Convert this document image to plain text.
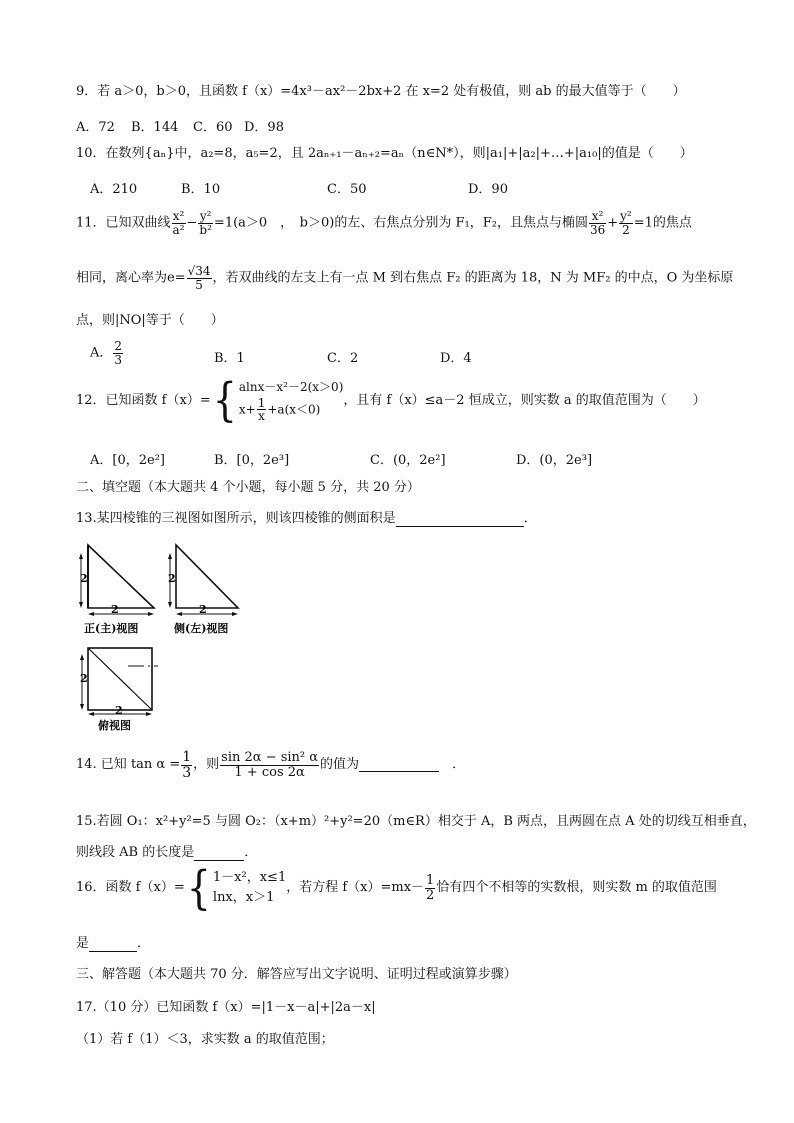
9．若 a＞0，b＞0，且函数 f（x）=4x³－ax²－2bx+2 在 x=2 处有极值，则 ab 的最大值等于（　　）
A．72 B．144 C．60 D．98
10．在数列{aₙ}中，a₂=8，a₅=2，且 2aₙ₊₁－aₙ₊₂=aₙ（n∈N*），则|a₁|+|a₂|+…+|a₁₀|的值是（　　）
A．210	B．10	C．50	D．90
11．已知双曲线 $\frac{\text{x²}}{\text{a²}} - \frac{\text{y²}}{\text{b²}} =1(a>0$　，　b＞0)的左、右焦点分别为 F₁，F₂，且焦点与椭圆 $\frac{\text{x²}}{36} + \frac{\text{y²}}{2} =1$的焦点
相同，离心率为$e= \frac{√34}{5}$ ，若双曲线的左支上有一点 M 到右焦点 F₂ 的距离为 18，N 为 MF₂ 的中点，O 为坐标原
点，则|NO|等于（　　）
A． $\frac{2}{3}$	B．1	C．2	D．4
12．已知函数 f（x）={ alnx－x²－2(x＞0)
$x+ \frac{1}{x} +a(x<0)$
，且有 f（x）≤a－2 恒成立，则实数 a 的取值范围为（　　）
A．[0，2e²]	B．[0，2e³]	C．(0，2e²]	D．(0，2e³]
二、填空题（本大题共 4 个小题，每小题 5 分，共 20 分）
13.某四棱锥的三视图如图所示，则该四棱锥的侧面积是	．
2
2
正(主)视图
2
2
侧(左)视图
2
2
俯视图
14. 已知 $\tan \alpha = \frac{1}{3}$ ，则 $\frac{\text{sin 2α − sin² α}}{1 + \cos 2\alpha}$ 的值为　	．
15.若圆 O₁：x²+y²=5 与圆 O₂：（x+m）²+y²=20（m∈R）相交于 A，B 两点，且两圆在点 A 处的切线互相垂直，
则线段 AB 的长度是	．
16．函数 f（x）={ 1－x²，x≤1
lnx，x＞1
，若方程 $f(x)=mx- \frac{1}{2}$ 恰有四个不相等的实数根，则实数 m 的取值范围
是	．
三、解答题（本大题共 70 分．解答应写出文字说明、证明过程或演算步骤）
17.（10 分）已知函数 f（x）=|1－x－a|+|2a－x|
（1）若 f（1）＜3，求实数 a 的取值范围；
